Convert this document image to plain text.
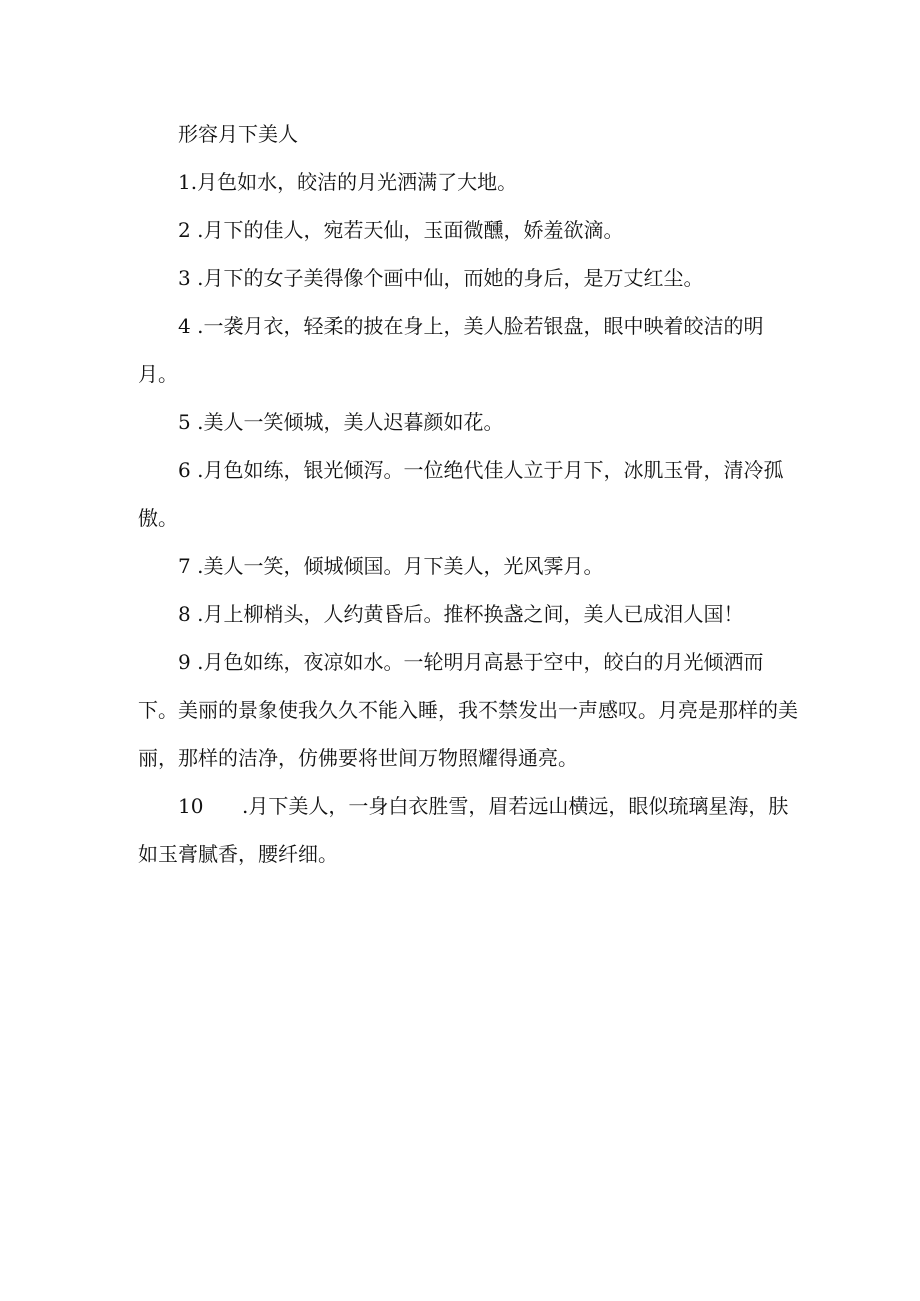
形容月下美人

1.月色如水，皎洁的月光洒满了大地。

2 .月下的佳人，宛若天仙，玉面微醺，娇羞欲滴。

3 .月下的女子美得像个画中仙，而她的身后，是万丈红尘。

4 .一袭月衣，轻柔的披在身上，美人脸若银盘，眼中映着皎洁的明月。

5 .美人一笑倾城，美人迟暮颜如花。

6 .月色如练，银光倾泻。一位绝代佳人立于月下，冰肌玉骨，清冷孤傲。

7 .美人一笑，倾城倾国。月下美人，光风霁月。

8 .月上柳梢头，人约黄昏后。推杯换盏之间，美人已成泪人国！

9 .月色如练，夜凉如水。一轮明月高悬于空中，皎白的月光倾洒而下。美丽的景象使我久久不能入睡，我不禁发出一声感叹。月亮是那样的美丽，那样的洁净，仿佛要将世间万物照耀得通亮。

10 .月下美人，一身白衣胜雪，眉若远山横远，眼似琉璃星海，肤如玉膏腻香，腰纤细。
